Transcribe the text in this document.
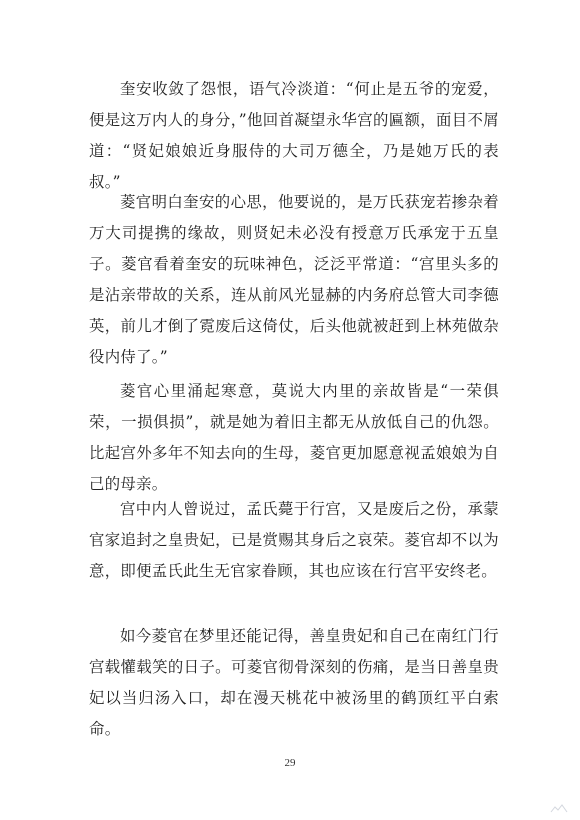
奎安收敛了怨恨，语气冷淡道：“何止是五爷的宠爱，便是这万内人的身分，”他回首凝望永华宫的匾额，面目不屑道：“贤妃娘娘近身服侍的大司万德全，乃是她万氏的表叔。”

菱官明白奎安的心思，他要说的，是万氏获宠若掺杂着万大司提携的缘故，则贤妃未必没有授意万氏承宠于五皇子。菱官看着奎安的玩味神色，泛泛平常道：“宫里头多的是沾亲带故的关系，连从前风光显赫的内务府总管大司李德英，前儿才倒了霓废后这倚仗，后头他就被赶到上林苑做杂役内侍了。”

菱官心里涌起寒意，莫说大内里的亲故皆是“一荣俱荣，一损俱损”，就是她为着旧主都无从放低自己的仇怨。比起宫外多年不知去向的生母，菱官更加愿意视孟娘娘为自己的母亲。

宫中内人曾说过，孟氏薨于行宫，又是废后之份，承蒙官家追封之皇贵妃，已是赏赐其身后之哀荣。菱官却不以为意，即便孟氏此生无官家眷顾，其也应该在行宫平安终老。

如今菱官在梦里还能记得，善皇贵妃和自己在南红门行宫载懽载笑的日子。可菱官彻骨深刻的伤痛，是当日善皇贵妃以当归汤入口，却在漫天桃花中被汤里的鹤顶红平白索命。

29
